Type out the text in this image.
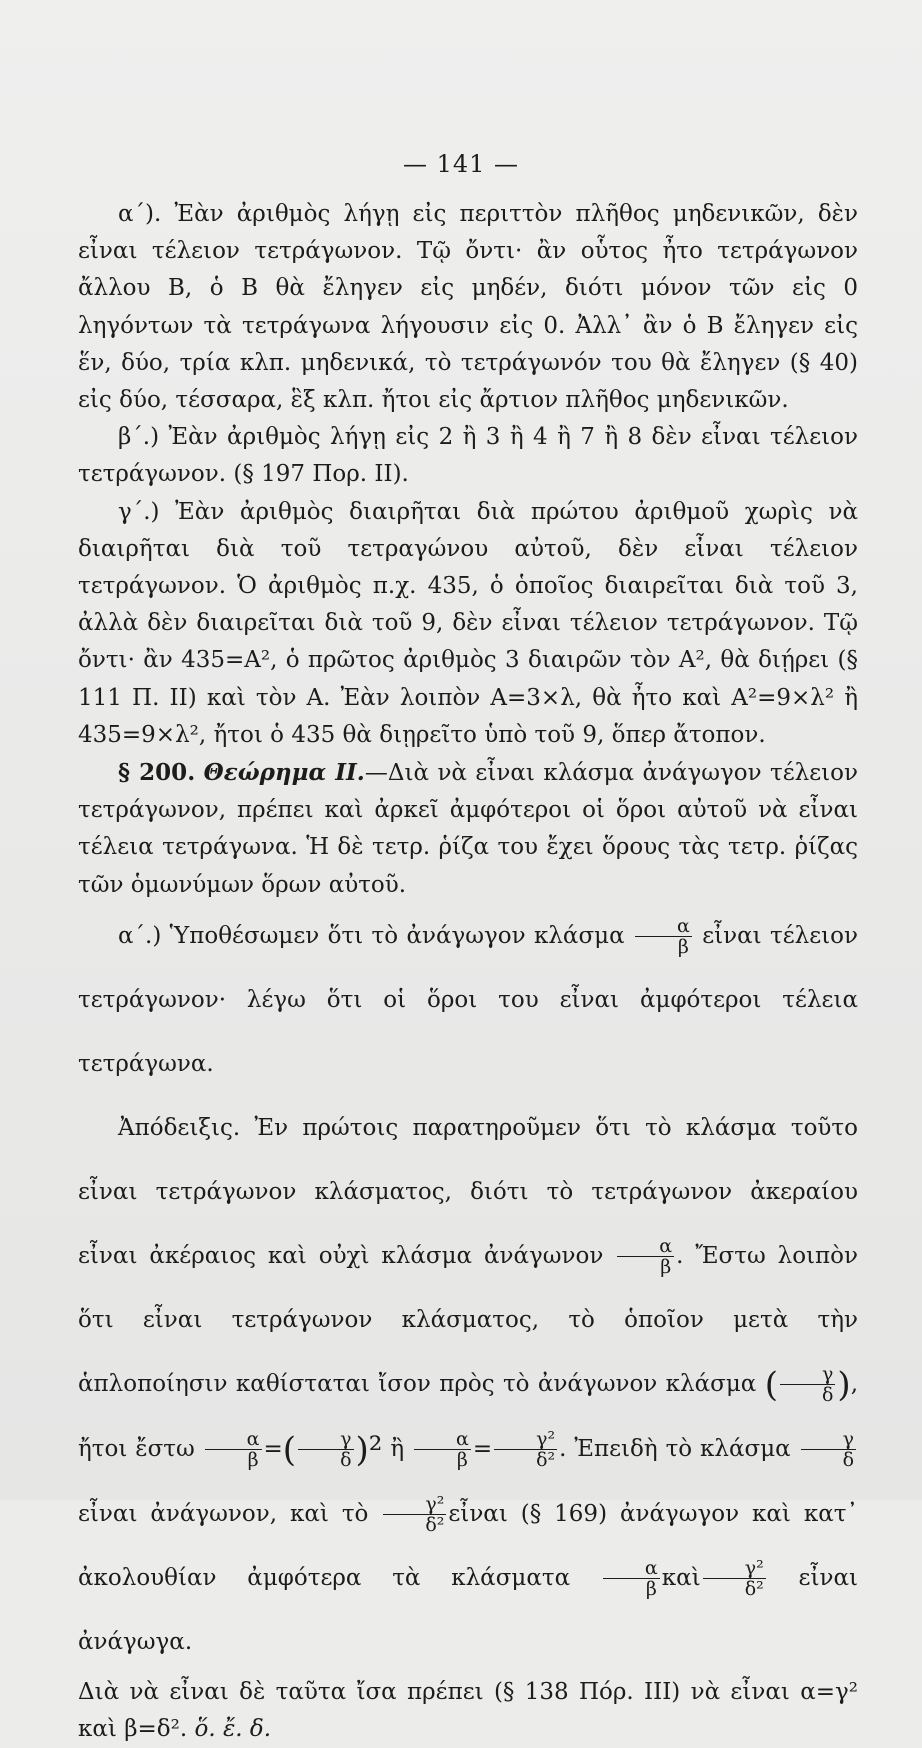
— 141 —

α΄). Ἐὰν ἀριθμὸς λήγῃ εἰς περιττὸν πλῆθος μηδενικῶν, δὲν εἶναι τέλειον τετράγωνον. Τῷ ὄντι· ἂν οὗτος ἦτο τετράγωνον ἄλλου Β, ὁ Β θὰ ἔληγεν εἰς μηδέν, διότι μόνον τῶν εἰς 0 ληγόντων τὰ τετράγωνα λήγουσιν εἰς 0. Ἀλλ᾽ ἂν ὁ Β ἔληγεν εἰς ἕν, δύο, τρία κλπ. μηδενικά, τὸ τετράγωνόν του θὰ ἔληγεν (§ 40) εἰς δύο, τέσσαρα, ἓξ κλπ. ἤτοι εἰς ἄρτιον πλῆθος μηδενικῶν.

β΄.) Ἐὰν ἀριθμὸς λήγῃ εἰς 2 ἢ 3 ἢ 4 ἢ 7 ἢ 8 δὲν εἶναι τέλειον τετράγωνον. (§ 197 Πορ. ΙΙ).

γ΄.) Ἐὰν ἀριθμὸς διαιρῆται διὰ πρώτου ἀριθμοῦ χωρὶς νὰ διαιρῆται διὰ τοῦ τετραγώνου αὐτοῦ, δὲν εἶναι τέλειον τετράγωνον. Ὁ ἀριθμὸς π.χ. 435, ὁ ὁποῖος διαιρεῖται διὰ τοῦ 3, ἀλλὰ δὲν διαιρεῖται διὰ τοῦ 9, δὲν εἶναι τέλειον τετράγωνον. Τῷ ὄντι· ἂν 435=Α², ὁ πρῶτος ἀριθμὸς 3 διαιρῶν τὸν Α², θὰ διῄρει (§ 111 Π. ΙΙ) καὶ τὸν Α. Ἐὰν λοιπὸν Α=3×λ, θὰ ἦτο καὶ Α²=9×λ² ἢ 435=9×λ², ἤτοι ὁ 435 θὰ διῃρεῖτο ὑπὸ τοῦ 9, ὅπερ ἄτοπον.

§ 200. Θεώρημα ΙΙ.—Διὰ νὰ εἶναι κλάσμα ἀνάγωγον τέλειον τετράγωνον, πρέπει καὶ ἀρκεῖ ἀμφότεροι οἱ ὅροι αὐτοῦ νὰ εἶναι τέλεια τετράγωνα. Ἡ δὲ τετρ. ῥίζα του ἔχει ὅρους τὰς τετρ. ῥίζας τῶν ὁμωνύμων ὅρων αὐτοῦ.

α΄.) Ὑποθέσωμεν ὅτι τὸ ἀνάγωγον κλάσμα $\frac{\alpha}{\beta}$ εἶναι τέλειον τετράγωνον· λέγω ὅτι οἱ ὅροι του εἶναι ἀμφότεροι τέλεια τετράγωνα.

Ἀπόδειξις. Ἐν πρώτοις παρατηροῦμεν ὅτι τὸ κλάσμα τοῦτο εἶναι τετράγωνον κλάσματος, διότι τὸ τετράγωνον ἀκεραίου εἶναι ἀκέραιος καὶ οὐχὶ κλάσμα ἀνάγωνον $\frac{\alpha}{\beta}$ . Ἔστω λοιπὸν ὅτι εἶναι τετράγωνον κλάσματος, τὸ ὁποῖον μετὰ τὴν ἁπλοποίησιν καθίσταται ἴσον πρὸς τὸ ἀνάγωνον κλάσμα ( $\frac{\gamma}{\delta}$ ), ἤτοι ἔστω $\frac{\alpha}{\beta}$ =( $\frac{\gamma}{\delta} )^2$ ἢ $\frac{\alpha}{\beta} = \frac{\text{γ²}}{\text{δ²}}$ . Ἐπειδὴ τὸ κλάσμα $\frac{\gamma}{\delta}$
εἶναι ἀνάγωνον, καὶ τὸ $\frac{\text{γ²}}{\text{δ²}}$ εἶναι (§ 169) ἀνάγωγον καὶ κατ᾽ ἀκολουθίαν ἀμφότερα τὰ κλάσματα $\frac{\alpha}{\beta}$ καὶ $\frac{\text{γ²}}{\text{δ²}}$ εἶναι ἀνάγωγα.

Διὰ νὰ εἶναι δὲ ταῦτα ἴσα πρέπει (§ 138 Πόρ. ΙΙΙ) νὰ εἶναι α=γ² καὶ β=δ². ὅ. ἔ. δ.
